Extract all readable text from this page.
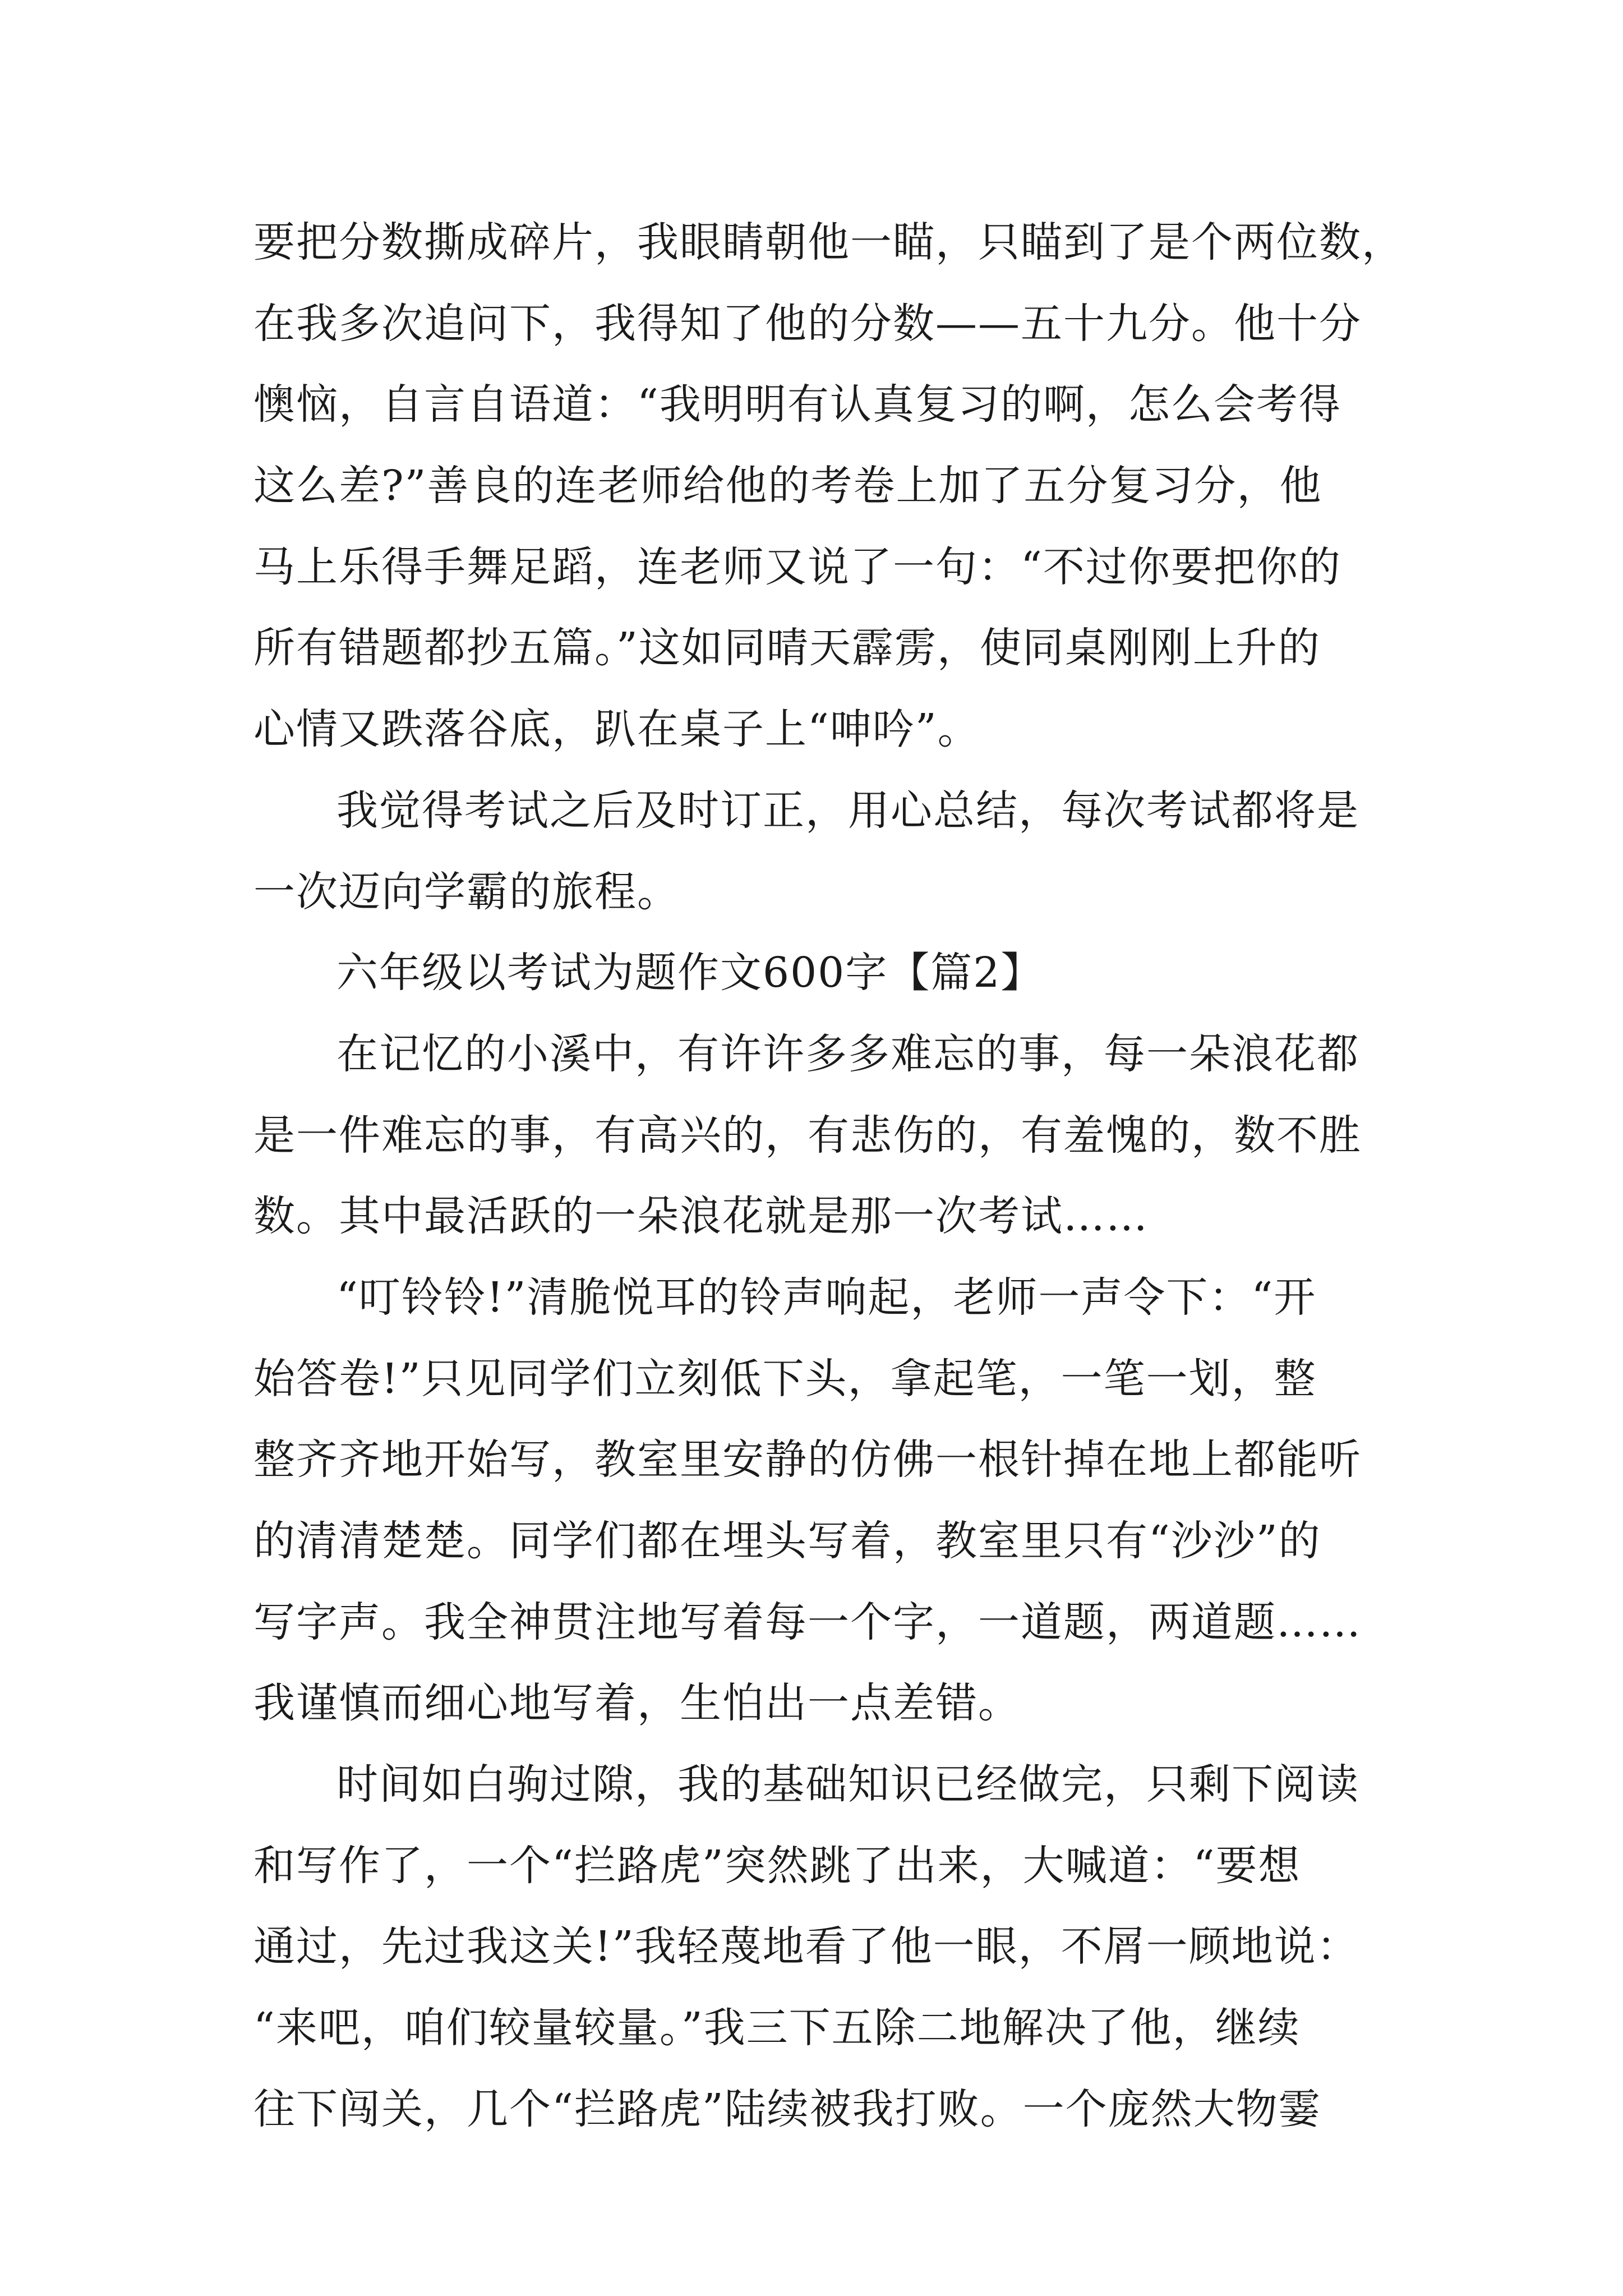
要把分数撕成碎片，我眼睛朝他一瞄，只瞄到了是个两位数，

在我多次追问下，我得知了他的分数——五十九分。他十分

懊恼，自言自语道：“我明明有认真复习的啊，怎么会考得

这么差?”善良的连老师给他的考卷上加了五分复习分，他

马上乐得手舞足蹈，连老师又说了一句：“不过你要把你的

所有错题都抄五篇。”这如同晴天霹雳，使同桌刚刚上升的

心情又跌落谷底，趴在桌子上“呻吟”。

我觉得考试之后及时订正，用心总结，每次考试都将是

一次迈向学霸的旅程。

六年级以考试为题作文600字【篇2】

在记忆的小溪中，有许许多多难忘的事，每一朵浪花都

是一件难忘的事，有高兴的，有悲伤的，有羞愧的，数不胜

数。其中最活跃的一朵浪花就是那一次考试……

“叮铃铃!”清脆悦耳的铃声响起，老师一声令下：“开

始答卷!”只见同学们立刻低下头，拿起笔，一笔一划，整

整齐齐地开始写，教室里安静的仿佛一根针掉在地上都能听

的清清楚楚。同学们都在埋头写着，教室里只有“沙沙”的

写字声。我全神贯注地写着每一个字，一道题，两道题……

我谨慎而细心地写着，生怕出一点差错。

时间如白驹过隙，我的基础知识已经做完，只剩下阅读

和写作了，一个“拦路虎”突然跳了出来，大喊道：“要想

通过，先过我这关!”我轻蔑地看了他一眼，不屑一顾地说：

“来吧，咱们较量较量。”我三下五除二地解决了他，继续

往下闯关，几个“拦路虎”陆续被我打败。一个庞然大物霎
